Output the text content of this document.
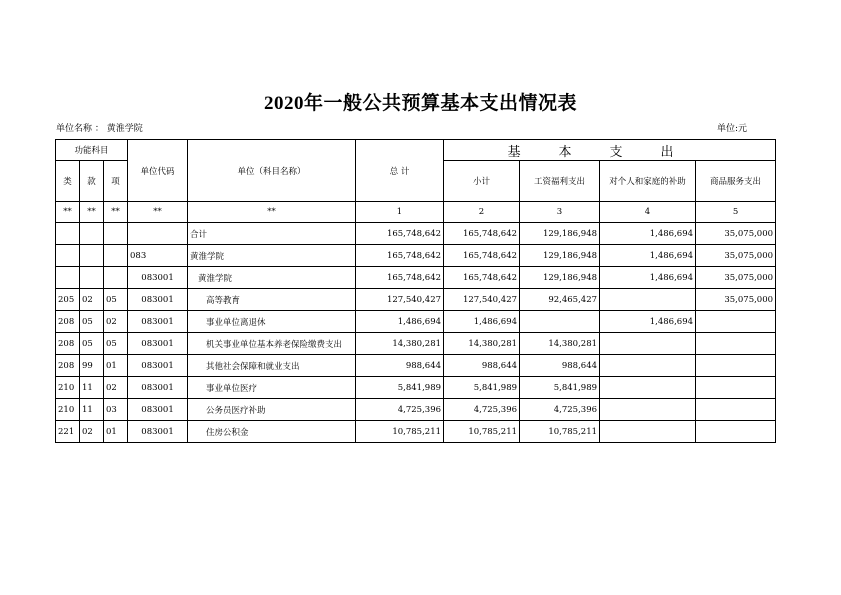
2020年一般公共预算基本支出情况表
单位名称 ： 黄淮学院	单位:元
功能科目			单位代码	单位（科目名称）	总 计	基本支出			
类	款	项				小计	工资福利支出	对个人和家庭的补助	商品服务支出
**	**	**	**	**	1	2	3	4	5
				合计	165,748,642	165,748,642	129,186,948	1,486,694	35,075,000
			083	黄淮学院	165,748,642	165,748,642	129,186,948	1,486,694	35,075,000
			083001	黄淮学院	165,748,642	165,748,642	129,186,948	1,486,694	35,075,000
205	02	05	083001	高等教育	127,540,427	127,540,427	92,465,427		35,075,000
208	05	02	083001	事业单位离退休	1,486,694	1,486,694		1,486,694	
208	05	05	083001	机关事业单位基本养老保险缴费支出	14,380,281	14,380,281	14,380,281		
208	99	01	083001	其他社会保障和就业支出	988,644	988,644	988,644		
210	11	02	083001	事业单位医疗	5,841,989	5,841,989	5,841,989		
210	11	03	083001	公务员医疗补助	4,725,396	4,725,396	4,725,396		
221	02	01	083001	住房公积金	10,785,211	10,785,211	10,785,211		
